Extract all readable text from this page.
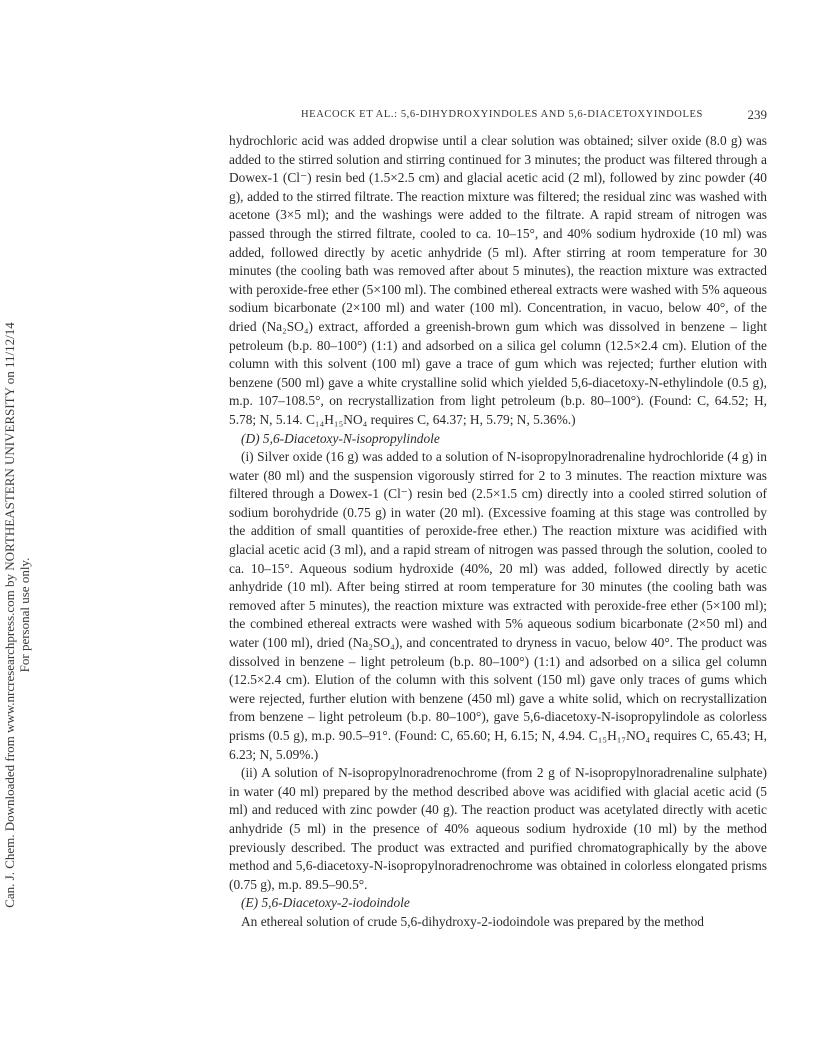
Can. J. Chem. Downloaded from www.nrcresearchpress.com by NORTHEASTERN UNIVERSITY on 11/12/14 For personal use only.
HEACOCK ET AL.: 5,6-DIHYDROXYINDOLES AND 5,6-DIACETOXYINDOLES	239

hydrochloric acid was added dropwise until a clear solution was obtained; silver oxide (8.0 g) was added to the stirred solution and stirring continued for 3 minutes; the product was filtered through a Dowex-1 (Cl⁻) resin bed (1.5×2.5 cm) and glacial acetic acid (2 ml), followed by zinc powder (40 g), added to the stirred filtrate. The reaction mixture was filtered; the residual zinc was washed with acetone (3×5 ml); and the washings were added to the filtrate. A rapid stream of nitrogen was passed through the stirred filtrate, cooled to ca. 10–15°, and 40% sodium hydroxide (10 ml) was added, followed directly by acetic anhydride (5 ml). After stirring at room temperature for 30 minutes (the cooling bath was removed after about 5 minutes), the reaction mixture was extracted with peroxide-free ether (5×100 ml). The combined ethereal extracts were washed with 5% aqueous sodium bicarbonate (2×100 ml) and water (100 ml). Concentration, in vacuo, below 40°, of the dried (Na₂SO₄) extract, afforded a greenish-brown gum which was dissolved in benzene – light petroleum (b.p. 80–100°) (1:1) and adsorbed on a silica gel column (12.5×2.4 cm). Elution of the column with this solvent (100 ml) gave a trace of gum which was rejected; further elution with benzene (500 ml) gave a white crystalline solid which yielded 5,6-diacetoxy-N-ethylindole (0.5 g), m.p. 107–108.5°, on recrystallization from light petroleum (b.p. 80–100°). (Found: C, 64.52; H, 5.78; N, 5.14. C₁₄H₁₅NO₄ requires C, 64.37; H, 5.79; N, 5.36%.)

(D) 5,6-Diacetoxy-N-isopropylindole

(i) Silver oxide (16 g) was added to a solution of N-isopropylnoradrenaline hydrochloride (4 g) in water (80 ml) and the suspension vigorously stirred for 2 to 3 minutes. The reaction mixture was filtered through a Dowex-1 (Cl⁻) resin bed (2.5×1.5 cm) directly into a cooled stirred solution of sodium borohydride (0.75 g) in water (20 ml). (Excessive foaming at this stage was controlled by the addition of small quantities of peroxide-free ether.) The reaction mixture was acidified with glacial acetic acid (3 ml), and a rapid stream of nitrogen was passed through the solution, cooled to ca. 10–15°. Aqueous sodium hydroxide (40%, 20 ml) was added, followed directly by acetic anhydride (10 ml). After being stirred at room temperature for 30 minutes (the cooling bath was removed after 5 minutes), the reaction mixture was extracted with peroxide-free ether (5×100 ml); the combined ethereal extracts were washed with 5% aqueous sodium bicarbonate (2×50 ml) and water (100 ml), dried (Na₂SO₄), and concentrated to dryness in vacuo, below 40°. The product was dissolved in benzene – light petroleum (b.p. 80–100°) (1:1) and adsorbed on a silica gel column (12.5×2.4 cm). Elution of the column with this solvent (150 ml) gave only traces of gums which were rejected, further elution with benzene (450 ml) gave a white solid, which on recrystallization from benzene – light petroleum (b.p. 80–100°), gave 5,6-diacetoxy-N-isopropylindole as colorless prisms (0.5 g), m.p. 90.5–91°. (Found: C, 65.60; H, 6.15; N, 4.94. C₁₅H₁₇NO₄ requires C, 65.43; H, 6.23; N, 5.09%.)

(ii) A solution of N-isopropylnoradrenochrome (from 2 g of N-isopropylnoradrenaline sulphate) in water (40 ml) prepared by the method described above was acidified with glacial acetic acid (5 ml) and reduced with zinc powder (40 g). The reaction product was acetylated directly with acetic anhydride (5 ml) in the presence of 40% aqueous sodium hydroxide (10 ml) by the method previously described. The product was extracted and purified chromatographically by the above method and 5,6-diacetoxy-N-isopropylnoradrenochrome was obtained in colorless elongated prisms (0.75 g), m.p. 89.5–90.5°.

(E) 5,6-Diacetoxy-2-iodoindole

An ethereal solution of crude 5,6-dihydroxy-2-iodoindole was prepared by the method
